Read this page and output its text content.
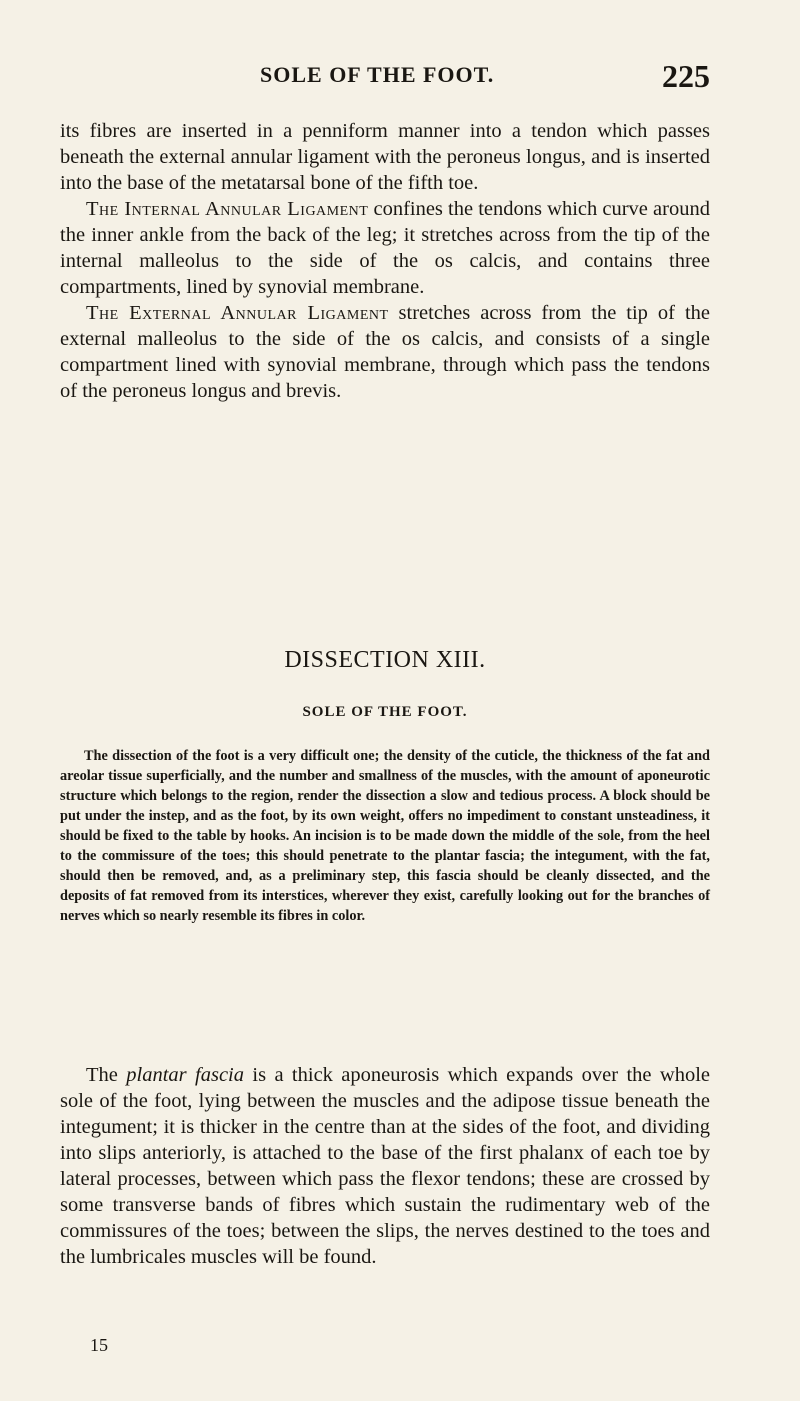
SOLE OF THE FOOT.	225

its fibres are inserted in a penniform manner into a tendon which passes beneath the external annular ligament with the peroneus longus, and is inserted into the base of the metatarsal bone of the fifth toe.

The Internal Annular Ligament confines the tendons which curve around the inner ankle from the back of the leg; it stretches across from the tip of the internal malleolus to the side of the os calcis, and contains three compartments, lined by synovial membrane.

The External Annular Ligament stretches across from the tip of the external malleolus to the side of the os calcis, and consists of a single compartment lined with synovial membrane, through which pass the tendons of the peroneus longus and brevis.

DISSECTION XIII.
SOLE OF THE FOOT.

The dissection of the foot is a very difficult one; the density of the cuticle, the thickness of the fat and areolar tissue superficially, and the number and smallness of the muscles, with the amount of aponeurotic structure which belongs to the region, render the dissection a slow and tedious process. A block should be put under the instep, and as the foot, by its own weight, offers no impediment to constant unsteadiness, it should be fixed to the table by hooks. An incision is to be made down the middle of the sole, from the heel to the commissure of the toes; this should penetrate to the plantar fascia; the integument, with the fat, should then be removed, and, as a preliminary step, this fascia should be cleanly dissected, and the deposits of fat removed from its interstices, wherever they exist, carefully looking out for the branches of nerves which so nearly resemble its fibres in color.

The plantar fascia is a thick aponeurosis which expands over the whole sole of the foot, lying between the muscles and the adipose tissue beneath the integument; it is thicker in the centre than at the sides of the foot, and dividing into slips anteriorly, is attached to the base of the first phalanx of each toe by lateral processes, between which pass the flexor tendons; these are crossed by some transverse bands of fibres which sustain the rudimentary web of the commissures of the toes; between the slips, the nerves destined to the toes and the lumbricales muscles will be found.

15
